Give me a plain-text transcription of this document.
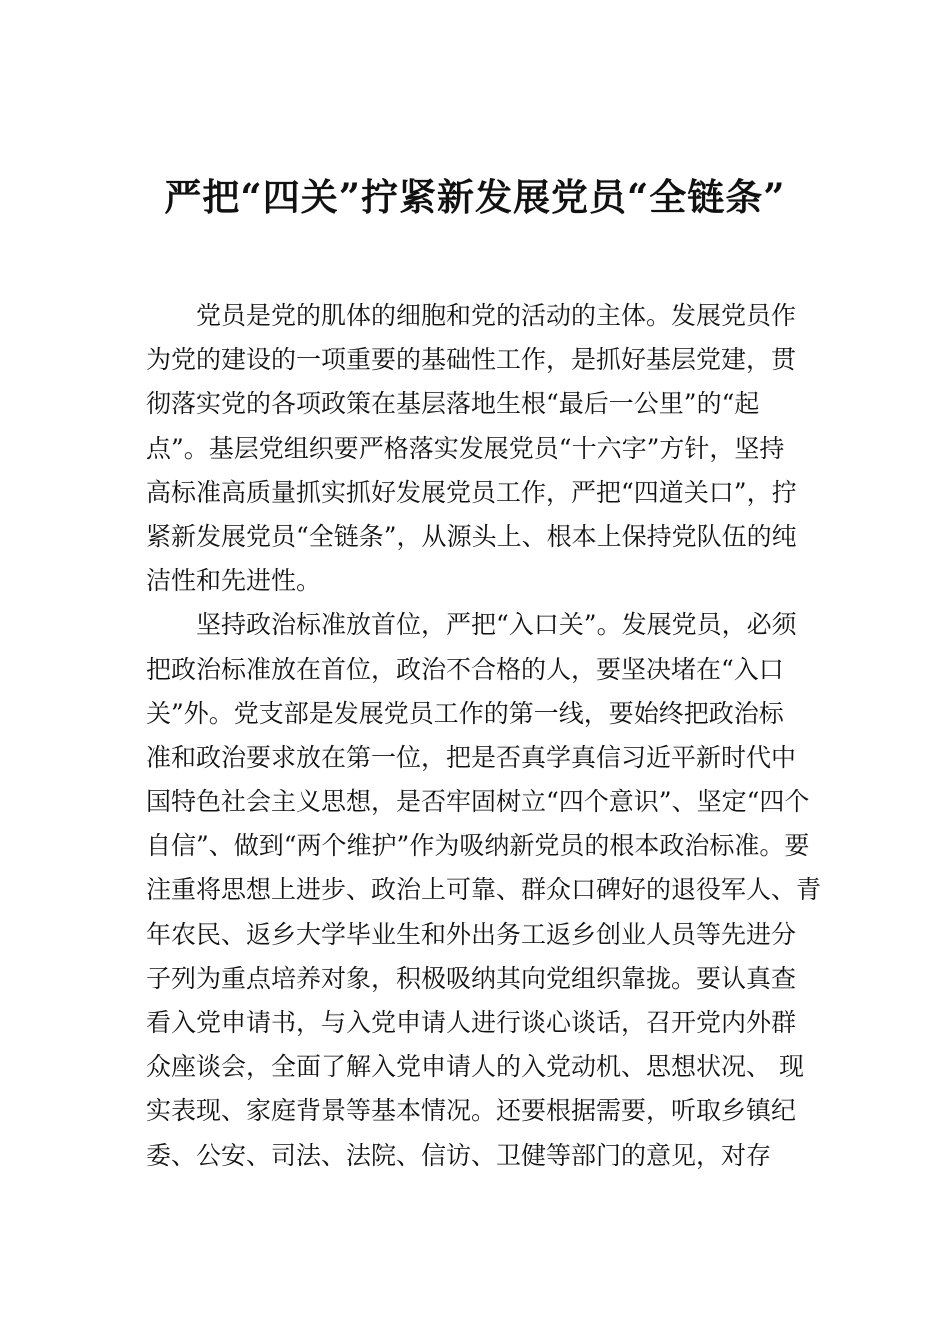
严把“四关”拧紧新发展党员“全链条”
党员是党的肌体的细胞和党的活动的主体。发展党员作
为党的建设的一项重要的基础性工作，是抓好基层党建，贯
彻落实党的各项政策在基层落地生根“最后一公里”的“起
点”。基层党组织要严格落实发展党员“十六字”方针，坚持
高标准高质量抓实抓好发展党员工作，严把“四道关口”，拧
紧新发展党员“全链条”，从源头上、根本上保持党队伍的纯
洁性和先进性。
坚持政治标准放首位，严把“入口关”。发展党员，必须
把政治标准放在首位，政治不合格的人，要坚决堵在“入口
关”外。党支部是发展党员工作的第一线，要始终把政治标
准和政治要求放在第一位，把是否真学真信习近平新时代中
国特色社会主义思想，是否牢固树立“四个意识”、坚定“四个
自信”、做到“两个维护”作为吸纳新党员的根本政治标准。要
注重将思想上进步、政治上可靠、群众口碑好的退役军人、青
年农民、返乡大学毕业生和外出务工返乡创业人员等先进分
子列为重点培养对象，积极吸纳其向党组织靠拢。要认真查
看入党申请书，与入党申请人进行谈心谈话，召开党内外群
众座谈会，全面了解入党申请人的入党动机、思想状况、 现
实表现、家庭背景等基本情况。还要根据需要，听取乡镇纪
委、公安、司法、法院、信访、卫健等部门的意见，对存
